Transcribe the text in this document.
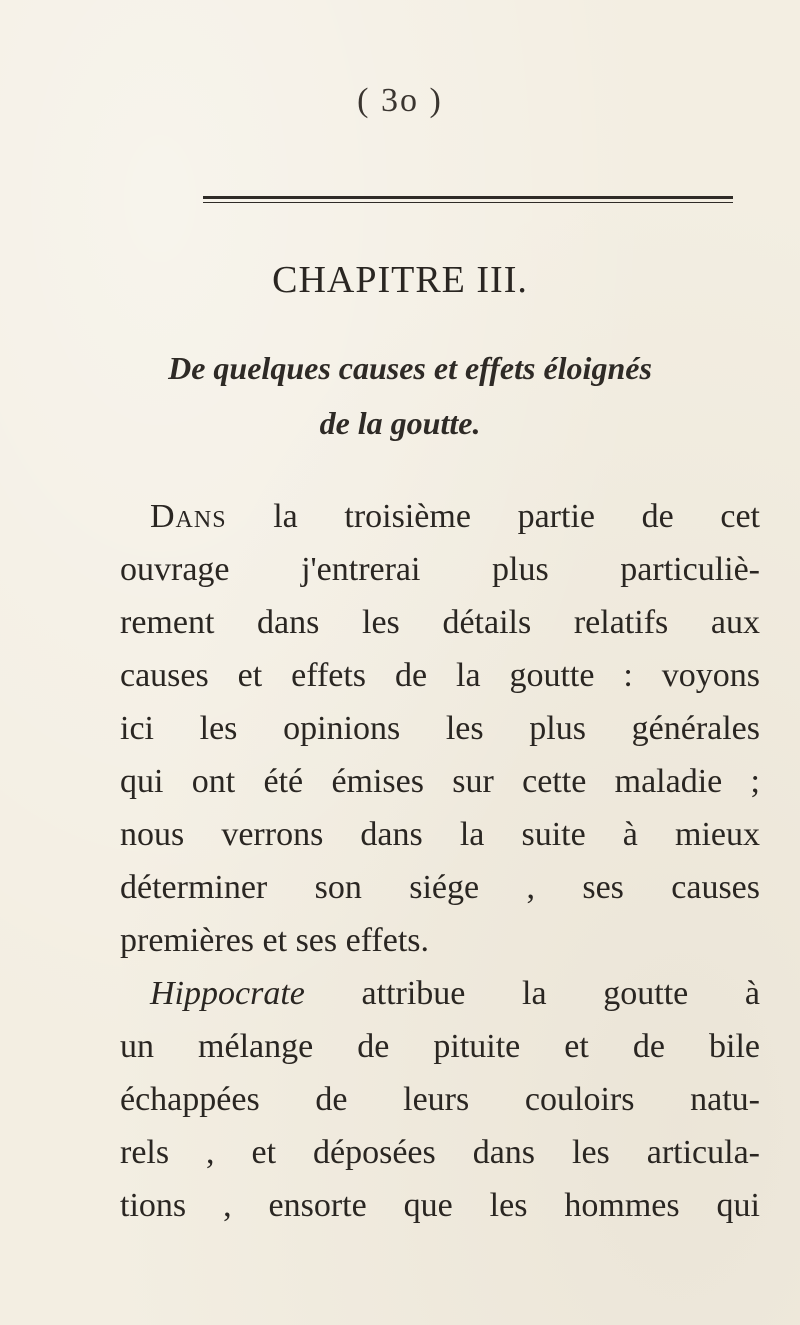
( 3o )
CHAPITRE III.
De quelques causes et effets éloignés
de la goutte.
Dans la troisième partie de cet
ouvrage j'entrerai plus particuliè-
rement dans les détails relatifs aux
causes et effets de la goutte : voyons
ici les opinions les plus générales
qui ont été émises sur cette maladie ;
nous verrons dans la suite à mieux
déterminer son siége , ses causes
premières et ses effets.
Hippocrate attribue la goutte à
un mélange de pituite et de bile
échappées de leurs couloirs natu-
rels , et déposées dans les articula-
tions , ensorte que les hommes qui
